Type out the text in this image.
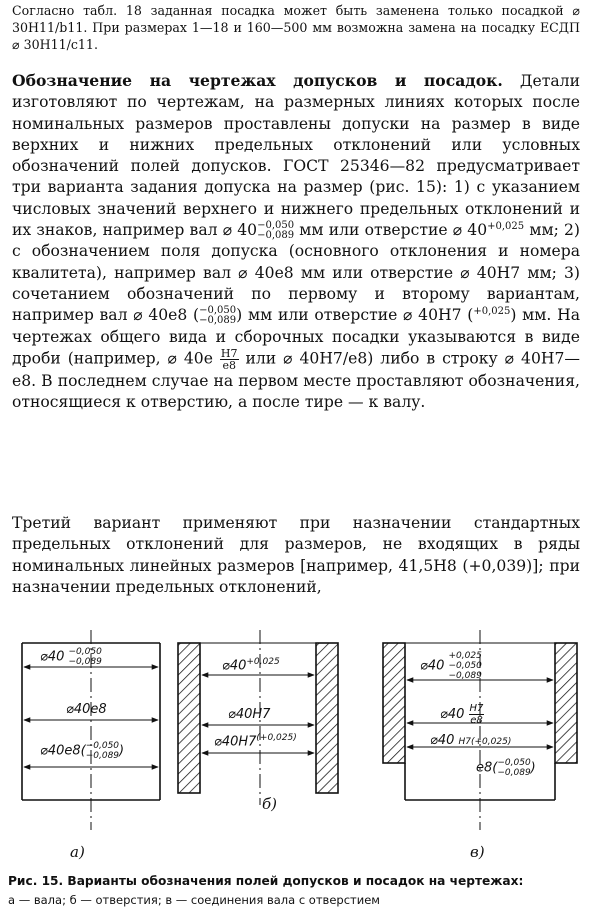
Согласно табл. 18 заданная посадка может быть заменена только посадкой ⌀ 30Н11/b11. При размерах 1—18 и 160—500 мм возможна замена на посадку ЕСДП ⌀ 30Н11/с11.
Обозначение на чертежах допусков и посадок. Детали изготовляют по чертежам, на размерных линиях которых после номинальных размеров проставлены допуски на размер в виде верхних и нижних предельных отклонений или условных обозначений полей допусков. ГОСТ 25346—82 предусматривает три варианта задания допуска на размер (рис. 15): 1) с указанием числовых значений верхнего и нижнего предельных отклонений и их знаков, например вал ⌀ 40−0,050
−0,089 мм или отверстие ⌀ $40^{+0,025}$ мм; 2) с обозначением поля допуска (основного отклонения и номера квалитета), например вал ⌀ 40е8 мм или отверстие ⌀ 40Н7 мм; 3) сочетанием обозначений по первому и второму вариантам, например вал ⌀ 40е8 (−0,050
−0,089) мм или отверстие ⌀ 40Н7 ($^{+0,025}$) мм. На чертежах общего вида и сборочных посадки указываются в виде дроби (например, ⌀ $40е \frac{Н7}{е8}$ или ⌀ 40Н7/е8) либо в строку ⌀ 40Н7—е8. В последнем случае на первом месте проставляют обозначения, относящиеся к отверстию, а после тире — к валу.
Третий вариант применяют при назначении стандартных предельных отклонений для размеров, не входящих в ряды номинальных линейных размеров [например, 41,5Н8 (+0,039)]; при назначении предельных отклонений,
⌀40 −0,050
−0,089
⌀40е8
⌀40е8(−0,050
−0,089)
а)
$⌀40^{+0,025}$
⌀40Н7
$⌀40Н7^{(+0,025)}$
б)
⌀40 +0,025
−0,050
−0,089
⌀40 $\frac{Н7}{е8}$
⌀40 Н7(+0,025)
е8(−0,050
−0,089)
в)
Рис. 15. Варианты обозначения полей допусков и посадок на чертежах:
а — вала; б — отверстия; в — соединения вала с отверстием
